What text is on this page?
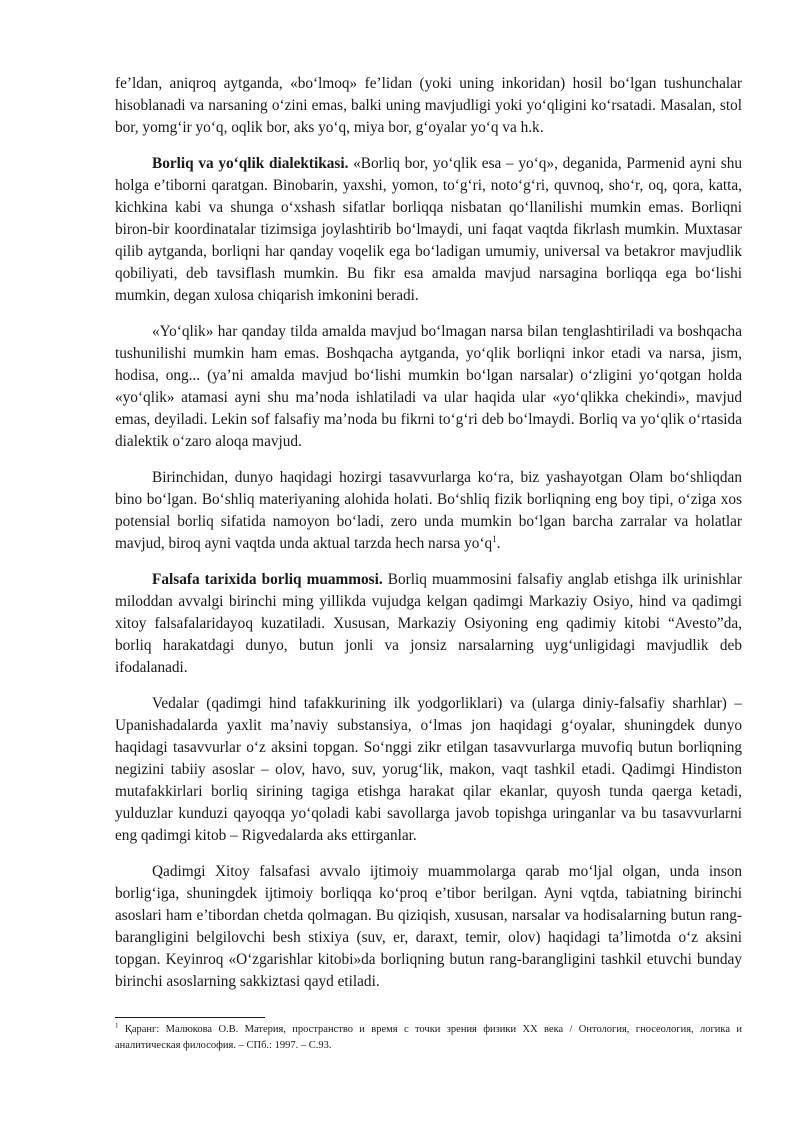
fe’ldan, aniqroq aytganda, «bo‘lmoq» fe’lidan (yoki uning inkoridan) hosil bo‘lgan tushunchalar hisoblanadi va narsaning o‘zini emas, balki uning mavjudligi yoki yo‘qligini ko‘rsatadi. Masalan, stol bor, yomg‘ir yo‘q, oqlik bor, aks yo‘q, miya bor, g‘oyalar yo‘q va h.k.

Borliq va yo‘qlik dialektikasi. «Borliq bor, yo‘qlik esa – yo‘q», deganida, Parmenid ayni shu holga e’tiborni qaratgan. Binobarin, yaxshi, yomon, to‘g‘ri, noto‘g‘ri, quvnoq, sho‘r, oq, qora, katta, kichkina kabi va shunga o‘xshash sifatlar borliqqa nisbatan qo‘llanilishi mumkin emas. Borliqni biron-bir koordinatalar tizimsiga joylashtirib bo‘lmaydi, uni faqat vaqtda fikrlash mumkin. Muxtasar qilib aytganda, borliqni har qanday voqelik ega bo‘ladigan umumiy, universal va betakror mavjudlik qobiliyati, deb tavsiflash mumkin. Bu fikr esa amalda mavjud narsagina borliqqa ega bo‘lishi mumkin, degan xulosa chiqarish imkonini beradi.

«Yo‘qlik» har qanday tilda amalda mavjud bo‘lmagan narsa bilan tenglashtiriladi va boshqacha tushunilishi mumkin ham emas. Boshqacha aytganda, yo‘qlik borliqni inkor etadi va narsa, jism, hodisa, ong... (ya’ni amalda mavjud bo‘lishi mumkin bo‘lgan narsalar) o‘zligini yo‘qotgan holda «yo‘qlik» atamasi ayni shu ma’noda ishlatiladi va ular haqida ular «yo‘qlikka chekindi», mavjud emas, deyiladi. Lekin sof falsafiy ma’noda bu fikrni to‘g‘ri deb bo‘lmaydi. Borliq va yo‘qlik o‘rtasida dialektik o‘zaro aloqa mavjud.

Birinchidan, dunyo haqidagi hozirgi tasavvurlarga ko‘ra, biz yashayotgan Olam bo‘shliqdan bino bo‘lgan. Bo‘shliq materiyaning alohida holati. Bo‘shliq fizik borliqning eng boy tipi, o‘ziga xos potensial borliq sifatida namoyon bo‘ladi, zero unda mumkin bo‘lgan barcha zarralar va holatlar mavjud, biroq ayni vaqtda unda aktual tarzda hech narsa $yo‘q^1$.

Falsafa tarixida borliq muammosi. Borliq muammosini falsafiy anglab etishga ilk urinishlar miloddan avvalgi birinchi ming yillikda vujudga kelgan qadimgi Markaziy Osiyo, hind va qadimgi xitoy falsafalaridayoq kuzatiladi. Xususan, Markaziy Osiyoning eng qadimiy kitobi “Avesto”da, borliq harakatdagi dunyo, butun jonli va jonsiz narsalarning uyg‘unligidagi mavjudlik deb ifodalanadi.

Vedalar (qadimgi hind tafakkurining ilk yodgorliklari) va (ularga diniy-falsafiy sharhlar) – Upanishadalarda yaxlit ma’naviy substansiya, o‘lmas jon haqidagi g‘oyalar, shuningdek dunyo haqidagi tasavvurlar o‘z aksini topgan. So‘nggi zikr etilgan tasavvurlarga muvofiq butun borliqning negizini tabiiy asoslar – olov, havo, suv, yorug‘lik, makon, vaqt tashkil etadi. Qadimgi Hindiston mutafakkirlari borliq sirining tagiga etishga harakat qilar ekanlar, quyosh tunda qaerga ketadi, yulduzlar kunduzi qayoqqa yo‘qoladi kabi savollarga javob topishga uringanlar va bu tasavvurlarni eng qadimgi kitob – Rigvedalarda aks ettirganlar.

Qadimgi Xitoy falsafasi avvalo ijtimoiy muammolarga qarab mo‘ljal olgan, unda inson borlig‘iga, shuningdek ijtimoiy borliqqa ko‘proq e’tibor berilgan. Ayni vqtda, tabiatning birinchi asoslari ham e’tibordan chetda qolmagan. Bu qiziqish, xususan, narsalar va hodisalarning butun rang-barangligini belgilovchi besh stixiya (suv, er, daraxt, temir, olov) haqidagi ta’limotda o‘z aksini topgan. Keyinroq «O‘zgarishlar kitobi»da borliqning butun rang-barangligini tashkil etuvchi bunday birinchi asoslarning sakkiztasi qayd etiladi.

$^1$ Қаранг: Малюкова О.В. Материя, пространство и время с точки зрения физики ХХ века / Онтология, гносеология, логика и аналитическая философия. – СПб.: 1997. – С.93.
